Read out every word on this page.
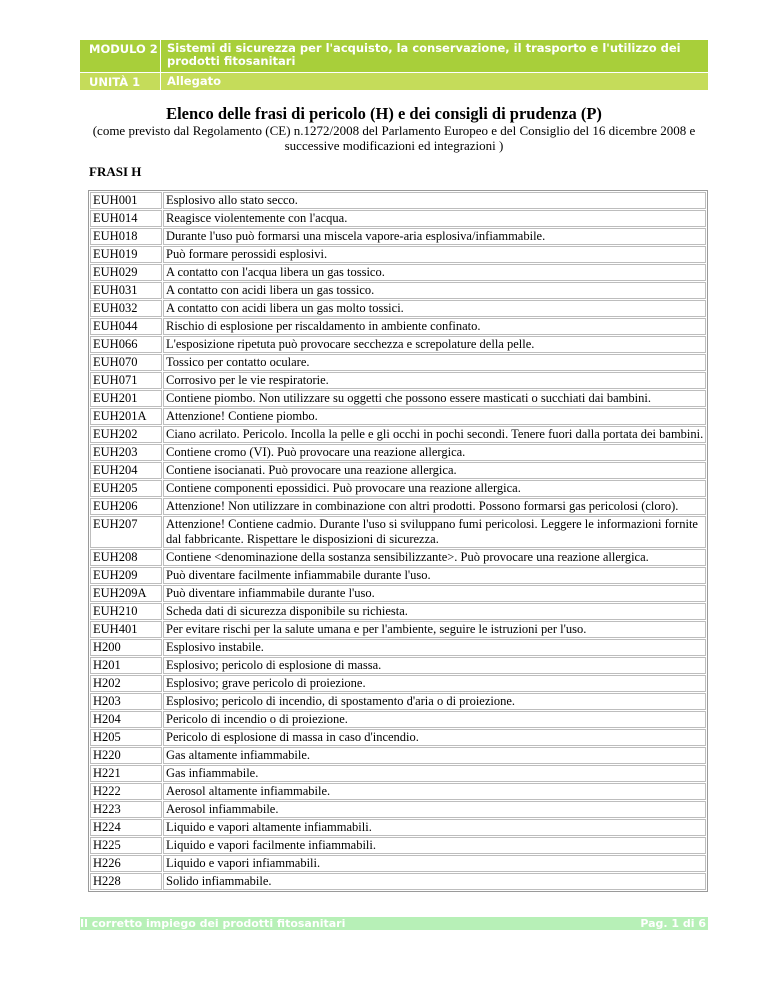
MODULO 2 Sistemi di sicurezza per l'acquisto, la conservazione, il trasporto e l'utilizzo dei prodotti fitosanitari
UNITÀ 1 Allegato
Elenco delle frasi di pericolo (H) e dei consigli di prudenza (P)
(come previsto dal Regolamento (CE) n.1272/2008 del Parlamento Europeo e del Consiglio del 16 dicembre 2008 e successive modificazioni ed integrazioni )
FRASI H
EUH001	Esplosivo allo stato secco.
EUH014	Reagisce violentemente con l'acqua.
EUH018	Durante l'uso può formarsi una miscela vapore-aria esplosiva/infiammabile.
EUH019	Può formare perossidi esplosivi.
EUH029	A contatto con l'acqua libera un gas tossico.
EUH031	A contatto con acidi libera un gas tossico.
EUH032	A contatto con acidi libera un gas molto tossici.
EUH044	Rischio di esplosione per riscaldamento in ambiente confinato.
EUH066	L'esposizione ripetuta può provocare secchezza e screpolature della pelle.
EUH070	Tossico per contatto oculare.
EUH071	Corrosivo per le vie respiratorie.
EUH201	Contiene piombo. Non utilizzare su oggetti che possono essere masticati o succhiati dai bambini.
EUH201A	Attenzione! Contiene piombo.
EUH202	Ciano acrilato. Pericolo. Incolla la pelle e gli occhi in pochi secondi. Tenere fuori dalla portata dei bambini.
EUH203	Contiene cromo (VI). Può provocare una reazione allergica.
EUH204	Contiene isocianati. Può provocare una reazione allergica.
EUH205	Contiene componenti epossidici. Può provocare una reazione allergica.
EUH206	Attenzione! Non utilizzare in combinazione con altri prodotti. Possono formarsi gas pericolosi (cloro).
EUH207	Attenzione! Contiene cadmio. Durante l'uso si sviluppano fumi pericolosi. Leggere le informazioni fornite dal fabbricante. Rispettare le disposizioni di sicurezza.
EUH208	Contiene <denominazione della sostanza sensibilizzante>. Può provocare una reazione allergica.
EUH209	Può diventare facilmente infiammabile durante l'uso.
EUH209A	Può diventare infiammabile durante l'uso.
EUH210	Scheda dati di sicurezza disponibile su richiesta.
EUH401	Per evitare rischi per la salute umana e per l'ambiente, seguire le istruzioni per l'uso.
H200	Esplosivo instabile.
H201	Esplosivo; pericolo di esplosione di massa.
H202	Esplosivo; grave pericolo di proiezione.
H203	Esplosivo; pericolo di incendio, di spostamento d'aria o di proiezione.
H204	Pericolo di incendio o di proiezione.
H205	Pericolo di esplosione di massa in caso d'incendio.
H220	Gas altamente infiammabile.
H221	Gas infiammabile.
H222	Aerosol altamente infiammabile.
H223	Aerosol infiammabile.
H224	Liquido e vapori altamente infiammabili.
H225	Liquido e vapori facilmente infiammabili.
H226	Liquido e vapori infiammabili.
H228	Solido infiammabile.
Il corretto impiego dei prodotti fitosanitari	Pag. 1 di 6
